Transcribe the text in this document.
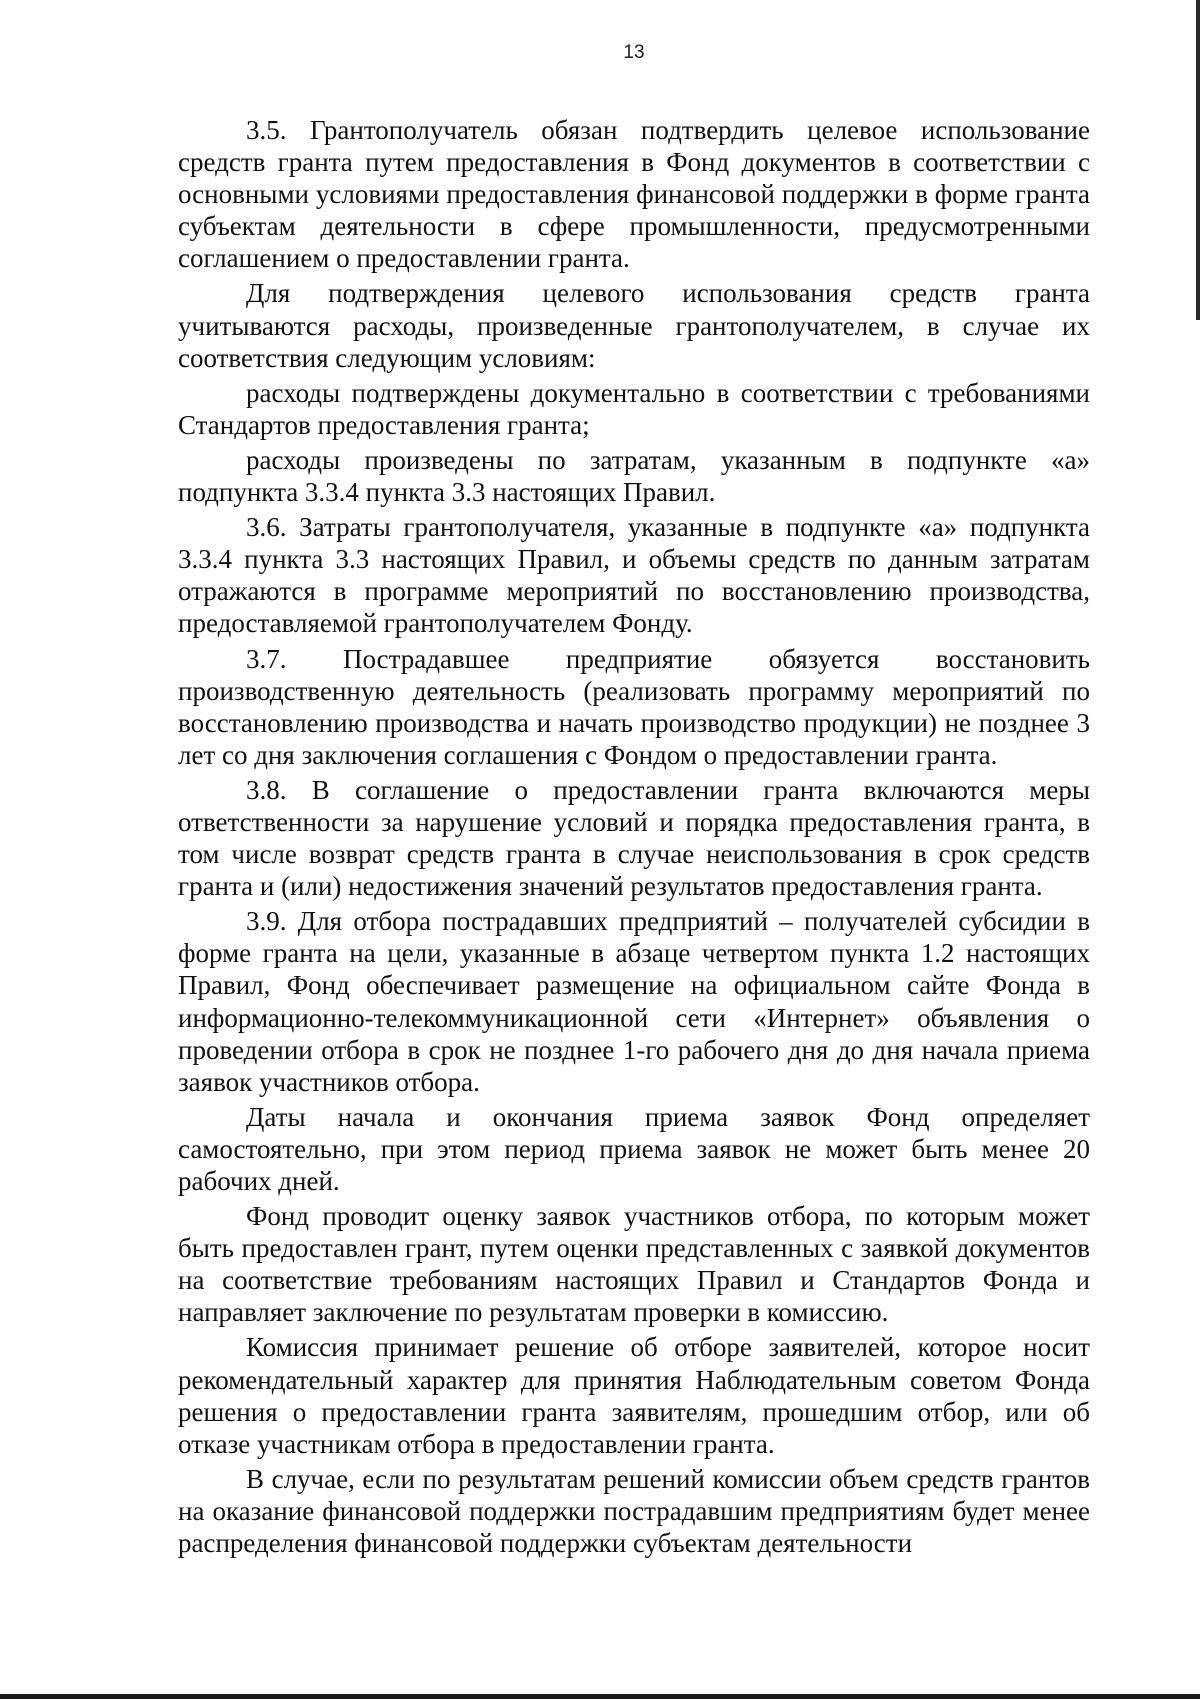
13

3.5. Грантополучатель обязан подтвердить целевое использование средств гранта путем предоставления в Фонд документов в соответствии с основными условиями предоставления финансовой поддержки в форме гранта субъектам деятельности в сфере промышленности, предусмотренными соглашением о предоставлении гранта.

Для подтверждения целевого использования средств гранта учитываются расходы, произведенные грантополучателем, в случае их соответствия следующим условиям:

расходы подтверждены документально в соответствии с требованиями Стандартов предоставления гранта;

расходы произведены по затратам, указанным в подпункте «а» подпункта 3.3.4 пункта 3.3 настоящих Правил.

3.6. Затраты грантополучателя, указанные в подпункте «а» подпункта 3.3.4 пункта 3.3 настоящих Правил, и объемы средств по данным затратам отражаются в программе мероприятий по восстановлению производства, предоставляемой грантополучателем Фонду.

3.7. Пострадавшее предприятие обязуется восстановить производственную деятельность (реализовать программу мероприятий по восстановлению производства и начать производство продукции) не позднее 3 лет со дня заключения соглашения с Фондом о предоставлении гранта.

3.8. В соглашение о предоставлении гранта включаются меры ответственности за нарушение условий и порядка предоставления гранта, в том числе возврат средств гранта в случае неиспользования в срок средств гранта и (или) недостижения значений результатов предоставления гранта.

3.9. Для отбора пострадавших предприятий – получателей субсидии в форме гранта на цели, указанные в абзаце четвертом пункта 1.2 настоящих Правил, Фонд обеспечивает размещение на официальном сайте Фонда в информационно-телекоммуникационной сети «Интернет» объявления о проведении отбора в срок не позднее 1-го рабочего дня до дня начала приема заявок участников отбора.

Даты начала и окончания приема заявок Фонд определяет самостоятельно, при этом период приема заявок не может быть менее 20 рабочих дней.

Фонд проводит оценку заявок участников отбора, по которым может быть предоставлен грант, путем оценки представленных с заявкой документов на соответствие требованиям настоящих Правил и Стандартов Фонда и направляет заключение по результатам проверки в комиссию.

Комиссия принимает решение об отборе заявителей, которое носит рекомендательный характер для принятия Наблюдательным советом Фонда решения о предоставлении гранта заявителям, прошедшим отбор, или об отказе участникам отбора в предоставлении гранта.

В случае, если по результатам решений комиссии объем средств грантов на оказание финансовой поддержки пострадавшим предприятиям будет менее распределения финансовой поддержки субъектам деятельности
